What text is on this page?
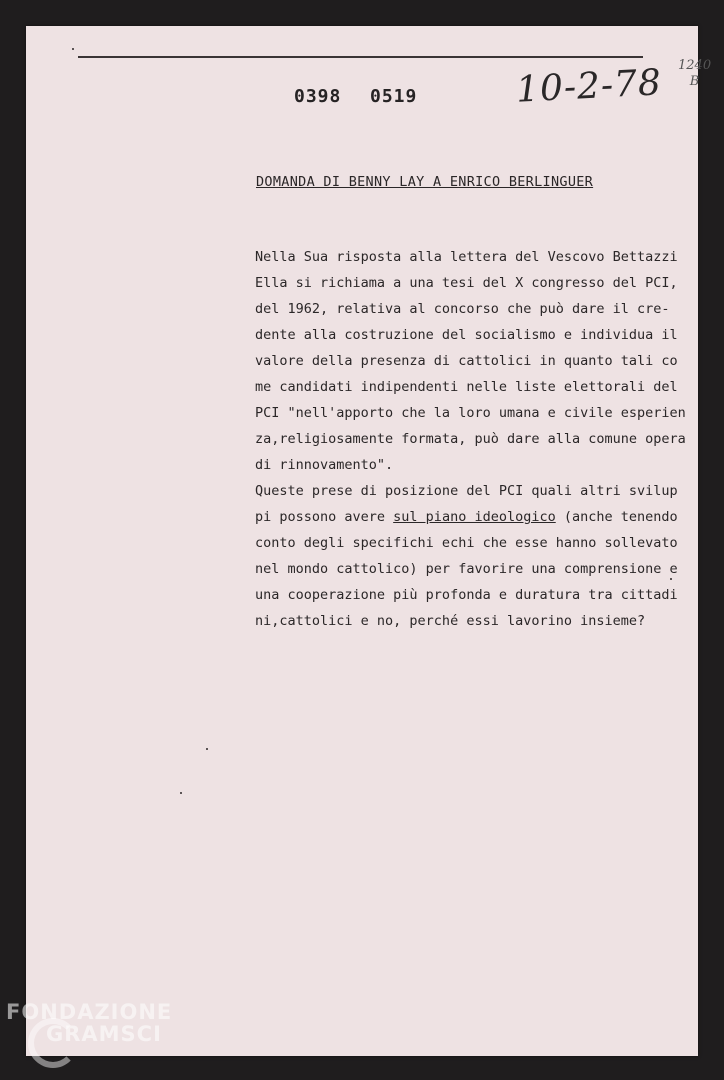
0398 0519	10-2-78 1240
B
DOMANDA DI BENNY LAY A ENRICO BERLINGUER
Nella Sua risposta alla lettera del Vescovo Bettazzi
Ella si richiama a una tesi del X congresso del PCI,
del 1962, relativa al concorso che può dare il cre-
dente alla costruzione del socialismo e individua il
valore della presenza di cattolici in quanto tali co
me candidati indipendenti nelle liste elettorali del
PCI "nell'apporto che la loro umana e civile esperien
za,religiosamente formata, può dare alla comune opera
di rinnovamento".
Queste prese di posizione del PCI quali altri svilup
pi possono avere sul piano ideologico (anche tenendo
conto degli specifichi echi che esse hanno sollevato
nel mondo cattolico) per favorire una comprensione e
una cooperazione più profonda e duratura tra cittadi
ni,cattolici e no, perché essi lavorino insieme?
FONDAZIONE
GRAMSCI
